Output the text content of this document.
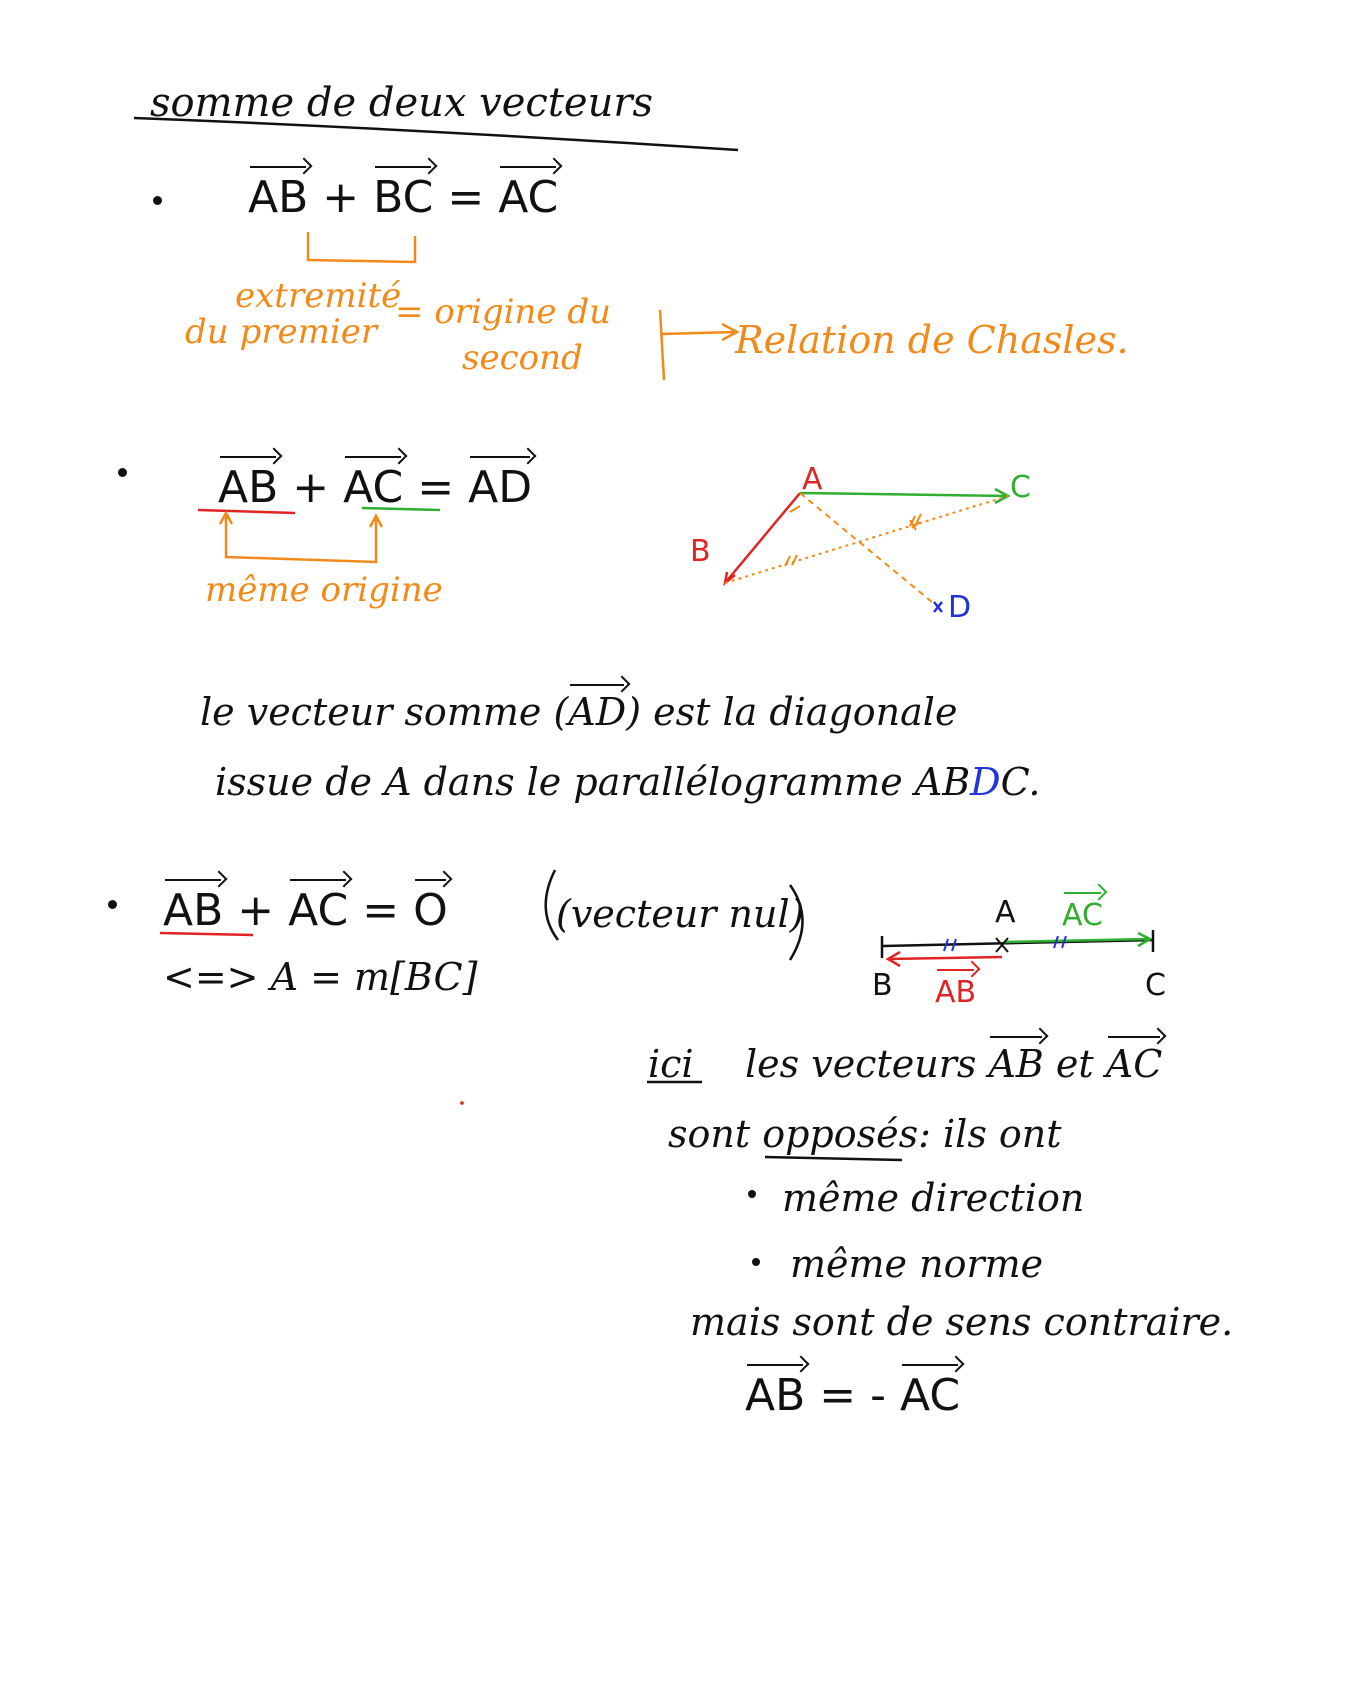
somme de deux vecteurs
AB + BC = AC
extremité
= origine du
du premier
second	Relation de Chasles.
AB + AC = AD
même origine
A
B
C
D
le vecteur somme (AD) est la diagonale
issue de A dans le parallélogramme ABDC.
AB + AC = O	(vecteur nul)
<=> A = m[BC]
A AC
B AB	C
ici les vecteurs AB et AC
sont opposés: ils ont
même direction
même norme
mais sont de sens contraire.
AB = - AC
